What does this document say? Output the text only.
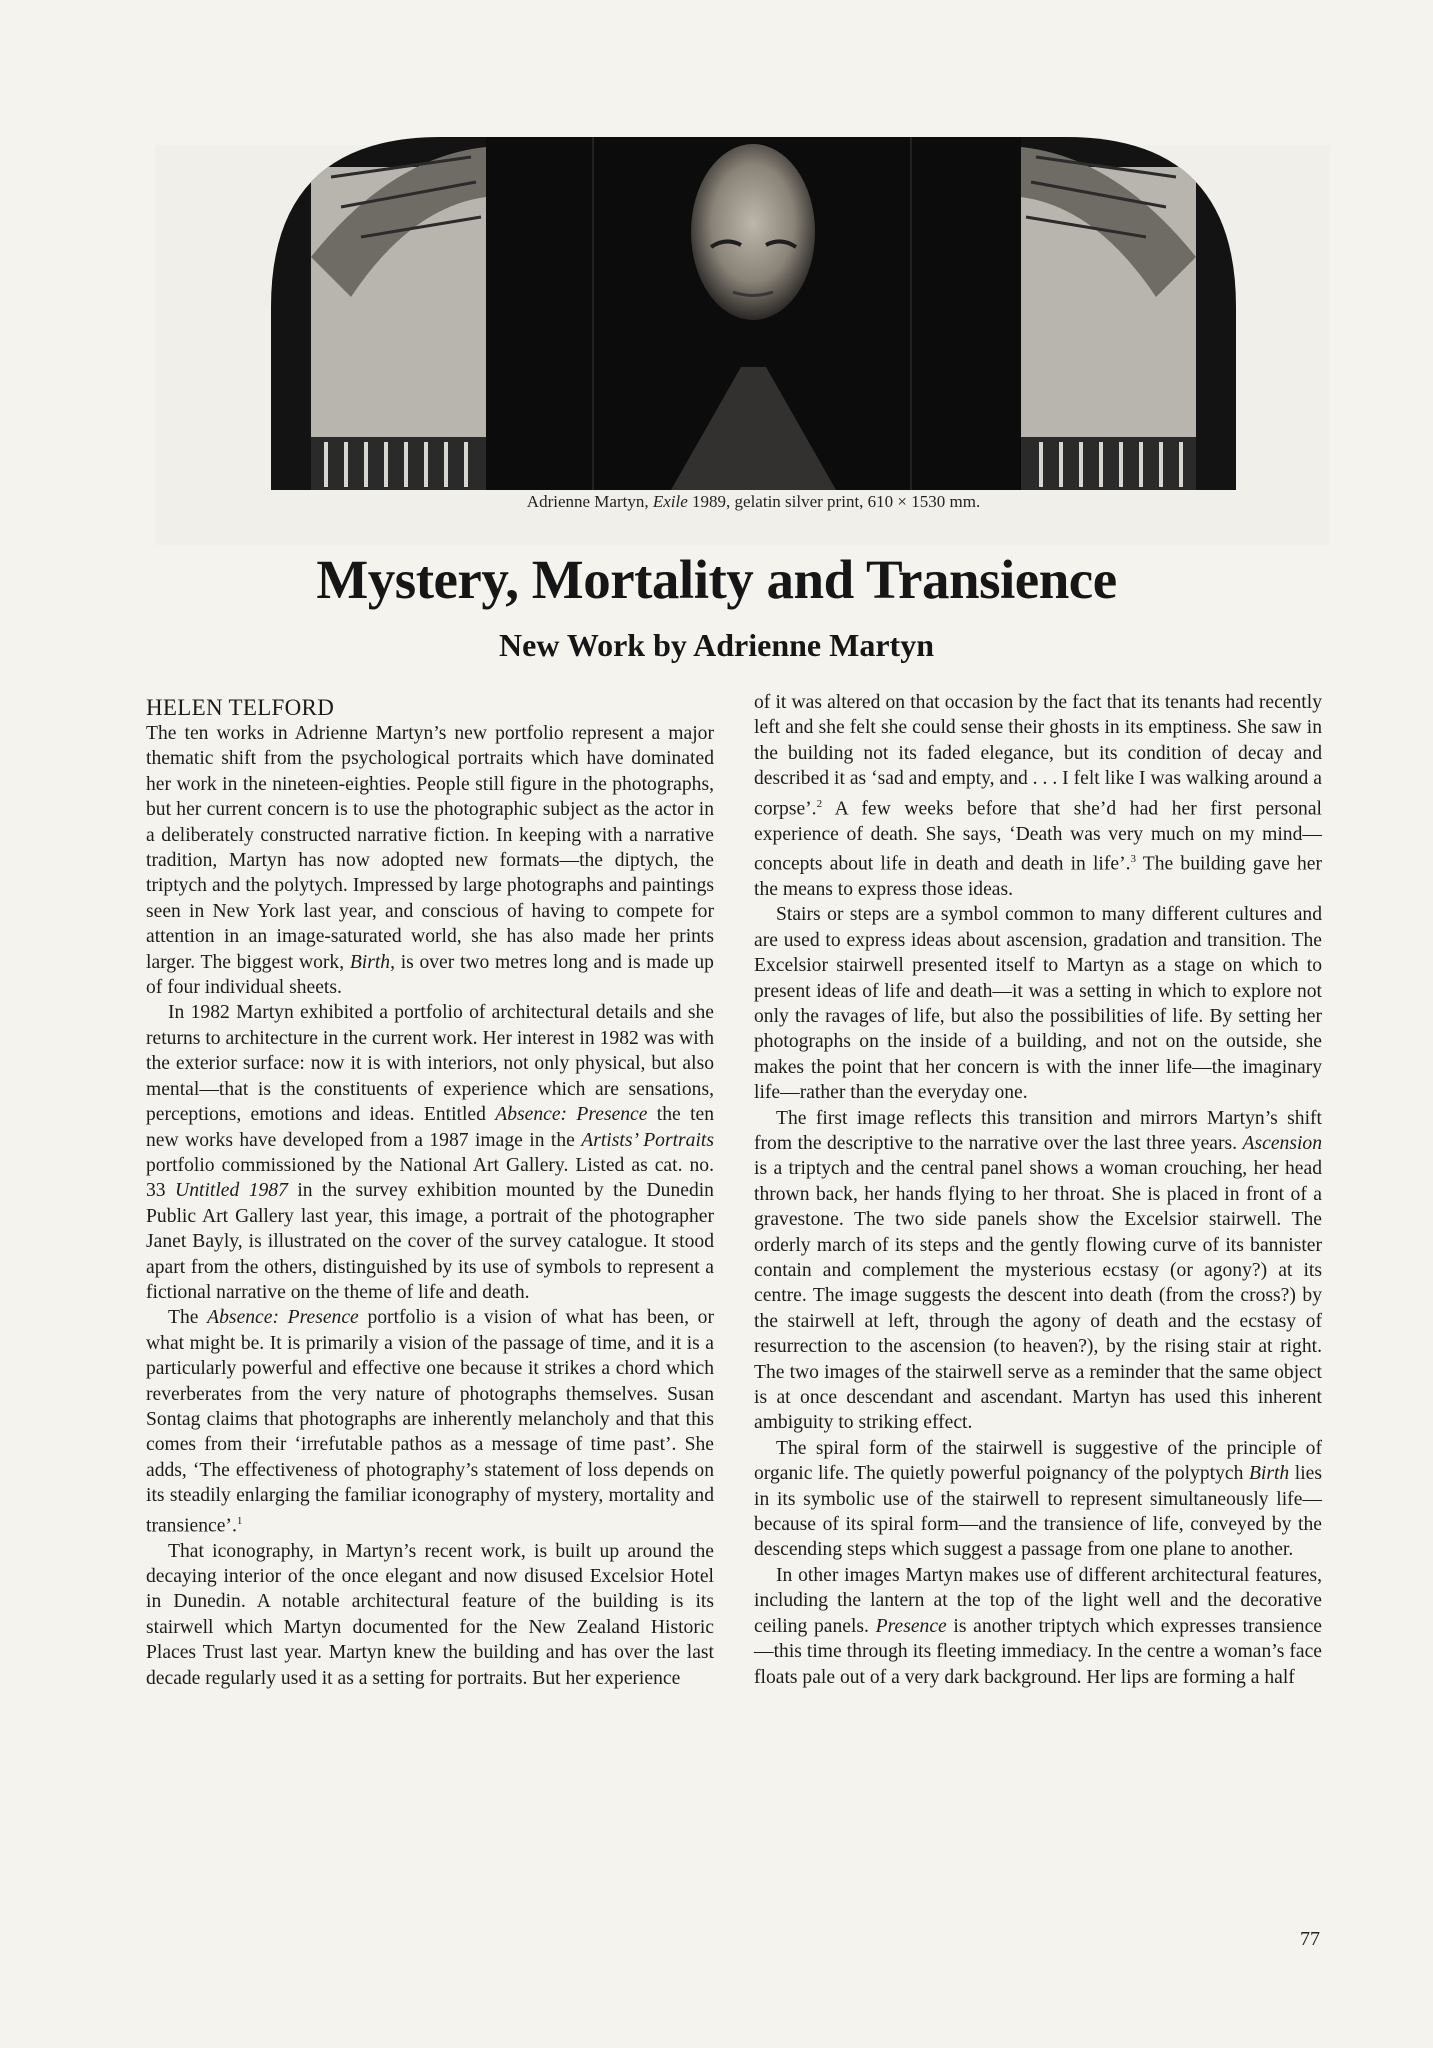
Adrienne Martyn, Exile 1989, gelatin silver print, 610 × 1530 mm.
Mystery, Mortality and Transience
New Work by Adrienne Martyn
HELEN TELFORD

The ten works in Adrienne Martyn’s new portfolio represent a major thematic shift from the psychological portraits which have dominated her work in the nineteen-eighties. People still figure in the photographs, but her current concern is to use the photographic subject as the actor in a deliberately constructed narrative fiction. In keeping with a narrative tradition, Martyn has now adopted new formats—the diptych, the triptych and the polytych. Impressed by large photographs and paintings seen in New York last year, and conscious of having to compete for attention in an image-saturated world, she has also made her prints larger. The biggest work, Birth, is over two metres long and is made up of four individual sheets.

In 1982 Martyn exhibited a portfolio of architectural details and she returns to architecture in the current work. Her interest in 1982 was with the exterior surface: now it is with interiors, not only physical, but also mental—that is the constituents of experience which are sensations, perceptions, emotions and ideas. Entitled Absence: Presence the ten new works have developed from a 1987 image in the Artists’ Portraits portfolio commissioned by the National Art Gallery. Listed as cat. no. 33 Untitled 1987 in the survey exhibition mounted by the Dunedin Public Art Gallery last year, this image, a portrait of the photographer Janet Bayly, is illustrated on the cover of the survey catalogue. It stood apart from the others, distinguished by its use of symbols to represent a fictional narrative on the theme of life and death.

The Absence: Presence portfolio is a vision of what has been, or what might be. It is primarily a vision of the passage of time, and it is a particularly powerful and effective one because it strikes a chord which reverberates from the very nature of photographs themselves. Susan Sontag claims that photographs are inherently melancholy and that this comes from their ‘irrefutable pathos as a message of time past’. She adds, ‘The effectiveness of photography’s statement of loss depends on its steadily enlarging the familiar iconography of mystery, mortality and transience’.$^1$

That iconography, in Martyn’s recent work, is built up around the decaying interior of the once elegant and now disused Excelsior Hotel in Dunedin. A notable architectural feature of the building is its stairwell which Martyn documented for the New Zealand Historic Places Trust last year. Martyn knew the building and has over the last decade regularly used it as a setting for portraits. But her experience

of it was altered on that occasion by the fact that its tenants had recently left and she felt she could sense their ghosts in its emptiness. She saw in the building not its faded elegance, but its condition of decay and described it as ‘sad and empty, and . . . I felt like I was walking around a corpse’.$^2$ A few weeks before that she’d had her first personal experience of death. She says, ‘Death was very much on my mind—concepts about life in death and death in life’.$^3$ The building gave her the means to express those ideas.

Stairs or steps are a symbol common to many different cultures and are used to express ideas about ascension, gradation and transition. The Excelsior stairwell presented itself to Martyn as a stage on which to present ideas of life and death—it was a setting in which to explore not only the ravages of life, but also the possibilities of life. By setting her photographs on the inside of a building, and not on the outside, she makes the point that her concern is with the inner life—the imaginary life—rather than the everyday one.

The first image reflects this transition and mirrors Martyn’s shift from the descriptive to the narrative over the last three years. Ascension is a triptych and the central panel shows a woman crouching, her head thrown back, her hands flying to her throat. She is placed in front of a gravestone. The two side panels show the Excelsior stairwell. The orderly march of its steps and the gently flowing curve of its bannister contain and complement the mysterious ecstasy (or agony?) at its centre. The image suggests the descent into death (from the cross?) by the stairwell at left, through the agony of death and the ecstasy of resurrection to the ascension (to heaven?), by the rising stair at right. The two images of the stairwell serve as a reminder that the same object is at once descendant and ascendant. Martyn has used this inherent ambiguity to striking effect.

The spiral form of the stairwell is suggestive of the principle of organic life. The quietly powerful poignancy of the polyptych Birth lies in its symbolic use of the stairwell to represent simultaneously life—because of its spiral form—and the transience of life, conveyed by the descending steps which suggest a passage from one plane to another.

In other images Martyn makes use of different architectural features, including the lantern at the top of the light well and the decorative ceiling panels. Presence is another triptych which expresses transience—this time through its fleeting immediacy. In the centre a woman’s face floats pale out of a very dark background. Her lips are forming a half

77
